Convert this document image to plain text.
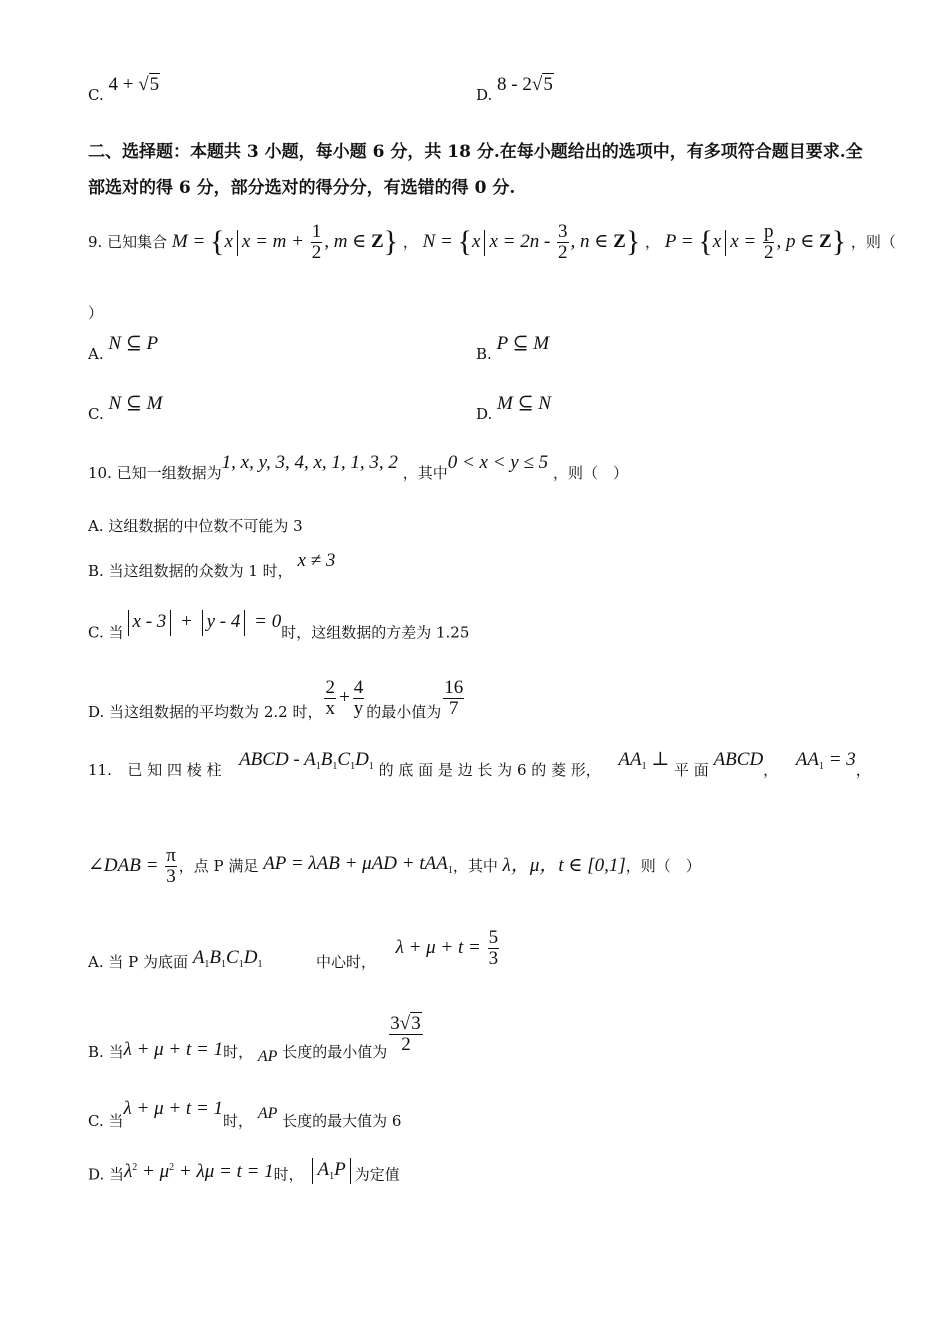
C. 4 + √5	D. 8 - 2√5
二、选择题：本题共 3 小题，每小题 6 分，共 18 分.在每小题给出的选项中，有多项符合题目要求.全部选对的得 6 分，部分选对的得分分，有选错的得 0 分.
9. 已知集合 M = {x $x = m + \frac{1}{2}$ , m ∈ Z} ， N = {x $x = 2n - \frac{3}{2}$ , n ∈ Z} ， P = {x $x = \frac{p}{2}$ , p ∈ Z} ，则（
）
A. N ⊆ P	B. P ⊆ M
C. N ⊆ M	D. M ⊆ N
10. 已知一组数据为1, x, y, 3, 4, x, 1, 1, 3, 2 ，其中0 < x < y ≤ 5 ，则（　）
A. 这组数据的中位数不可能为 3
B. 当这组数据的众数为 1 时， x ≠ 3
C. 当 x - 3 + y - 4 = 0时，这组数据的方差为 1.25
D. 当这组数据的平均数为 2.2 时， $\frac{2}{x} + \frac{4}{y}$ 的最小值为 $\frac{16}{7}$
11. 已 知 四 棱 柱 ABCD - $A_1B_1C_1D_1$ 的 底 面 是 边 长 为 6 的 菱 形， $AA_1$ ⊥ 平 面 ABCD，  $AA_1 = 3$，
∠DAB = $\frac{\pi}{3}$ ，点 P 满足 AP = λAB + μAD + tAA$_1$，其中 λ，μ，t ∈ [0,1]，则（　）
A. 当 P 为底面 $A_1B_1C_1D_1$	中心时，  $\lambda + \mu + t = \frac{5}{3}$
B. 当λ + μ + t = 1时， AP 长度的最小值为 $\frac{3√3}{2}$
C. 当λ + μ + t = 1时， AP 长度的最大值为 6
D. 当$\lambda^2 + \mu^2 + \lambda\mu = t = 1$时， $A_1P$ 为定值
